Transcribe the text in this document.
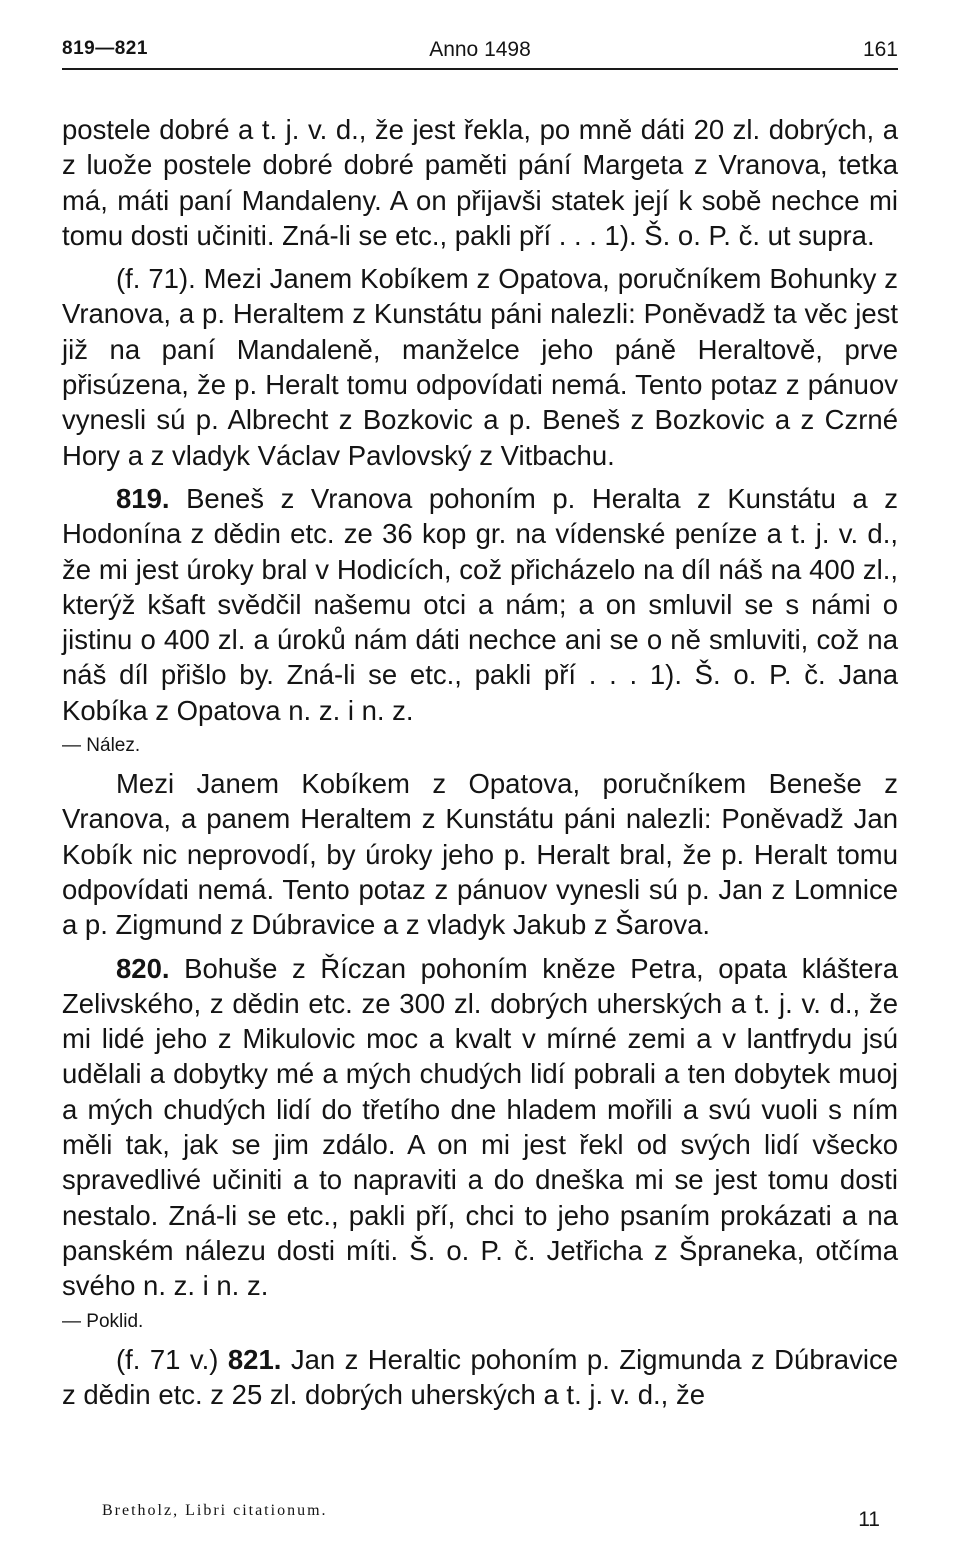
819—821	Anno 1498	161

postele dobré a t. j. v. d., že jest řekla, po mně dáti 20 zl. dobrých, a z luože postele dobré dobré paměti pání Margeta z Vranova, tetka má, máti paní Mandaleny. A on přijavši statek její k sobě nechce mi tomu dosti učiniti. Zná-li se etc., pakli pří . . . 1). Š. o. P. č. ut supra.

(f. 71). Mezi Janem Kobíkem z Opatova, poručníkem Bohunky z Vranova, a p. Heraltem z Kunstátu páni nalezli: Poněvadž ta věc jest již na paní Mandaleně, manželce jeho páně Heraltově, prve přisúzena, že p. Heralt tomu odpovídati nemá. Tento potaz z pánuov vynesli sú p. Albrecht z Bozkovic a p. Beneš z Bozkovic a z Czrné Hory a z vladyk Václav Pavlovský z Vitbachu.

819. Beneš z Vranova pohoním p. Heralta z Kunstátu a z Hodonína z dědin etc. ze 36 kop gr. na vídenské peníze a t. j. v. d., že mi jest úroky bral v Hodicích, což přicházelo na díl náš na 400 zl., kterýž kšaft svědčil našemu otci a nám; a on smluvil se s námi o jistinu o 400 zl. a úroků nám dáti nechce ani se o ně smluviti, což na náš díl přišlo by. Zná-li se etc., pakli pří . . . 1). Š. o. P. č. Jana Kobíka z Opatova n. z. i n. z.

— Nález.

Mezi Janem Kobíkem z Opatova, poručníkem Beneše z Vranova, a panem Heraltem z Kunstátu páni nalezli: Poněvadž Jan Kobík nic neprovodí, by úroky jeho p. Heralt bral, že p. Heralt tomu odpovídati nemá. Tento potaz z pánuov vynesli sú p. Jan z Lomnice a p. Zigmund z Dúbravice a z vladyk Jakub z Šarova.

820. Bohuše z Říczan pohoním kněze Petra, opata kláštera Zelivského, z dědin etc. ze 300 zl. dobrých uherských a t. j. v. d., že mi lidé jeho z Mikulovic moc a kvalt v mírné zemi a v lantfrydu jsú udělali a dobytky mé a mých chudých lidí pobrali a ten dobytek muoj a mých chudých lidí do třetího dne hladem mořili a svú vuoli s ním měli tak, jak se jim zdálo. A on mi jest řekl od svých lidí všecko spravedlivé učiniti a to napraviti a do dneška mi se jest tomu dosti nestalo. Zná-li se etc., pakli pří, chci to jeho psaním prokázati a na panském nálezu dosti míti. Š. o. P. č. Jetřicha z Špraneka, otčíma svého n. z. i n. z.

— Poklid.

(f. 71 v.) 821. Jan z Heraltic pohoním p. Zigmunda z Dúbravice z dědin etc. z 25 zl. dobrých uherských a t. j. v. d., že

Bretholz, Libri citationum.	11
